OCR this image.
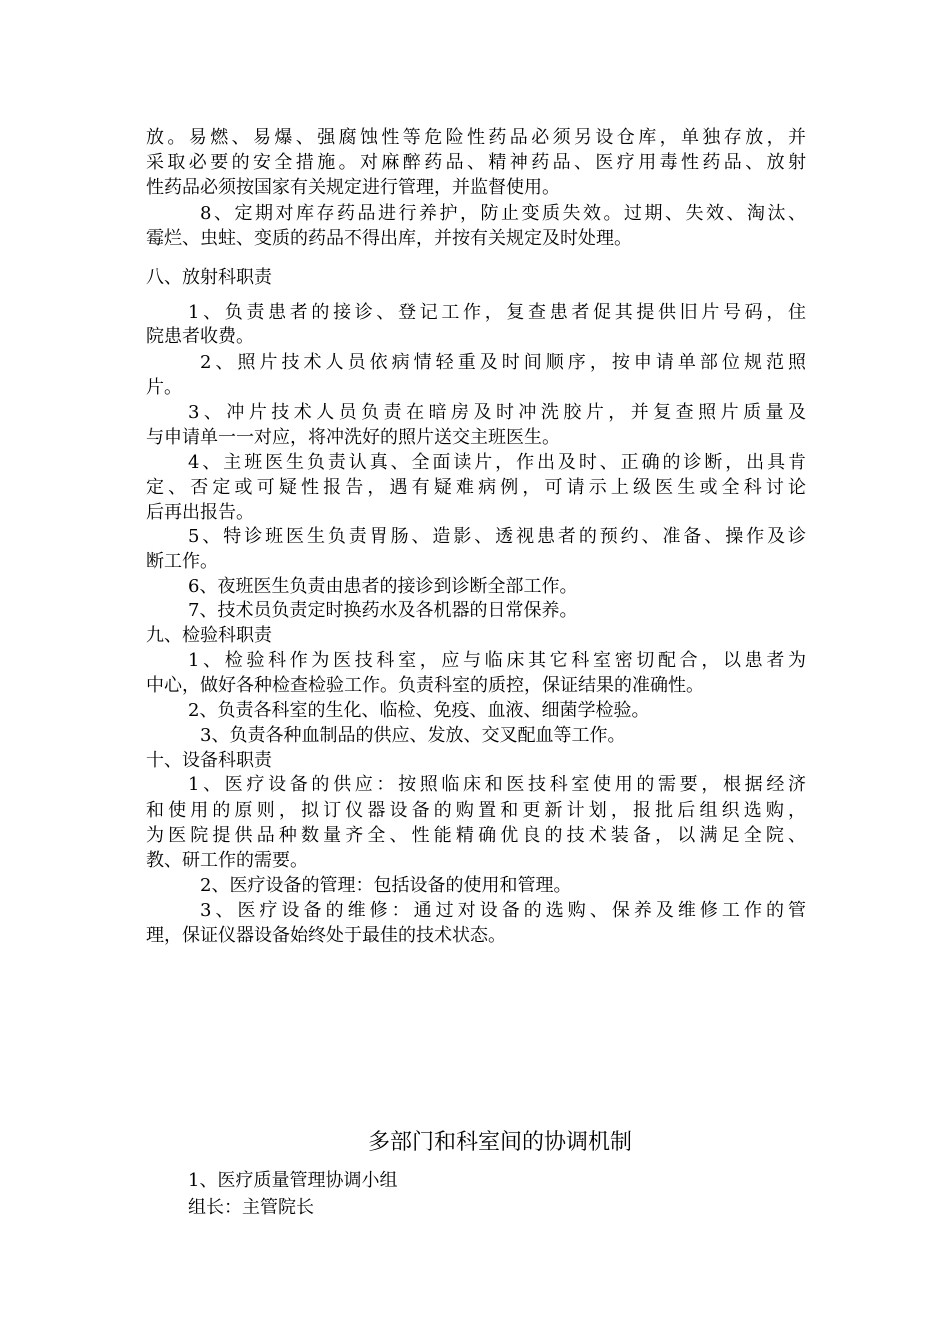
放。易燃、易爆、强腐蚀性等危险性药品必须另设仓库，单独存放，并
采取必要的安全措施。对麻醉药品、精神药品、医疗用毒性药品、放射
性药品必须按国家有关规定进行管理，并监督使用。
8、定期对库存药品进行养护，防止变质失效。过期、失效、淘汰、
霉烂、虫蛀、变质的药品不得出库，并按有关规定及时处理。
八、放射科职责
1、负责患者的接诊、登记工作，复查患者促其提供旧片号码，住
院患者收费。
2、照片技术人员依病情轻重及时间顺序，按申请单部位规范照
片。
3、冲片技术人员负责在暗房及时冲洗胶片，并复查照片质量及
与申请单一一对应，将冲洗好的照片送交主班医生。
4、主班医生负责认真、全面读片，作出及时、正确的诊断，出具肯
定、否定或可疑性报告，遇有疑难病例，可请示上级医生或全科讨论
后再出报告。
5、特诊班医生负责胃肠、造影、透视患者的预约、准备、操作及诊
断工作。
6、夜班医生负责由患者的接诊到诊断全部工作。
7、技术员负责定时换药水及各机器的日常保养。
九、检验科职责
1、检验科作为医技科室，应与临床其它科室密切配合，以患者为
中心，做好各种检查检验工作。负责科室的质控，保证结果的准确性。
2、负责各科室的生化、临检、免疫、血液、细菌学检验。
3、负责各种血制品的供应、发放、交叉配血等工作。
十、设备科职责
1、医疗设备的供应：按照临床和医技科室使用的需要，根据经济
和使用的原则，拟订仪器设备的购置和更新计划，报批后组织选购，
为医院提供品种数量齐全、性能精确优良的技术装备，以满足全院、
教、研工作的需要。
2、医疗设备的管理：包括设备的使用和管理。
3、医疗设备的维修：通过对设备的选购、保养及维修工作的管
理，保证仪器设备始终处于最佳的技术状态。
多部门和科室间的协调机制
1、医疗质量管理协调小组
组长：主管院长
